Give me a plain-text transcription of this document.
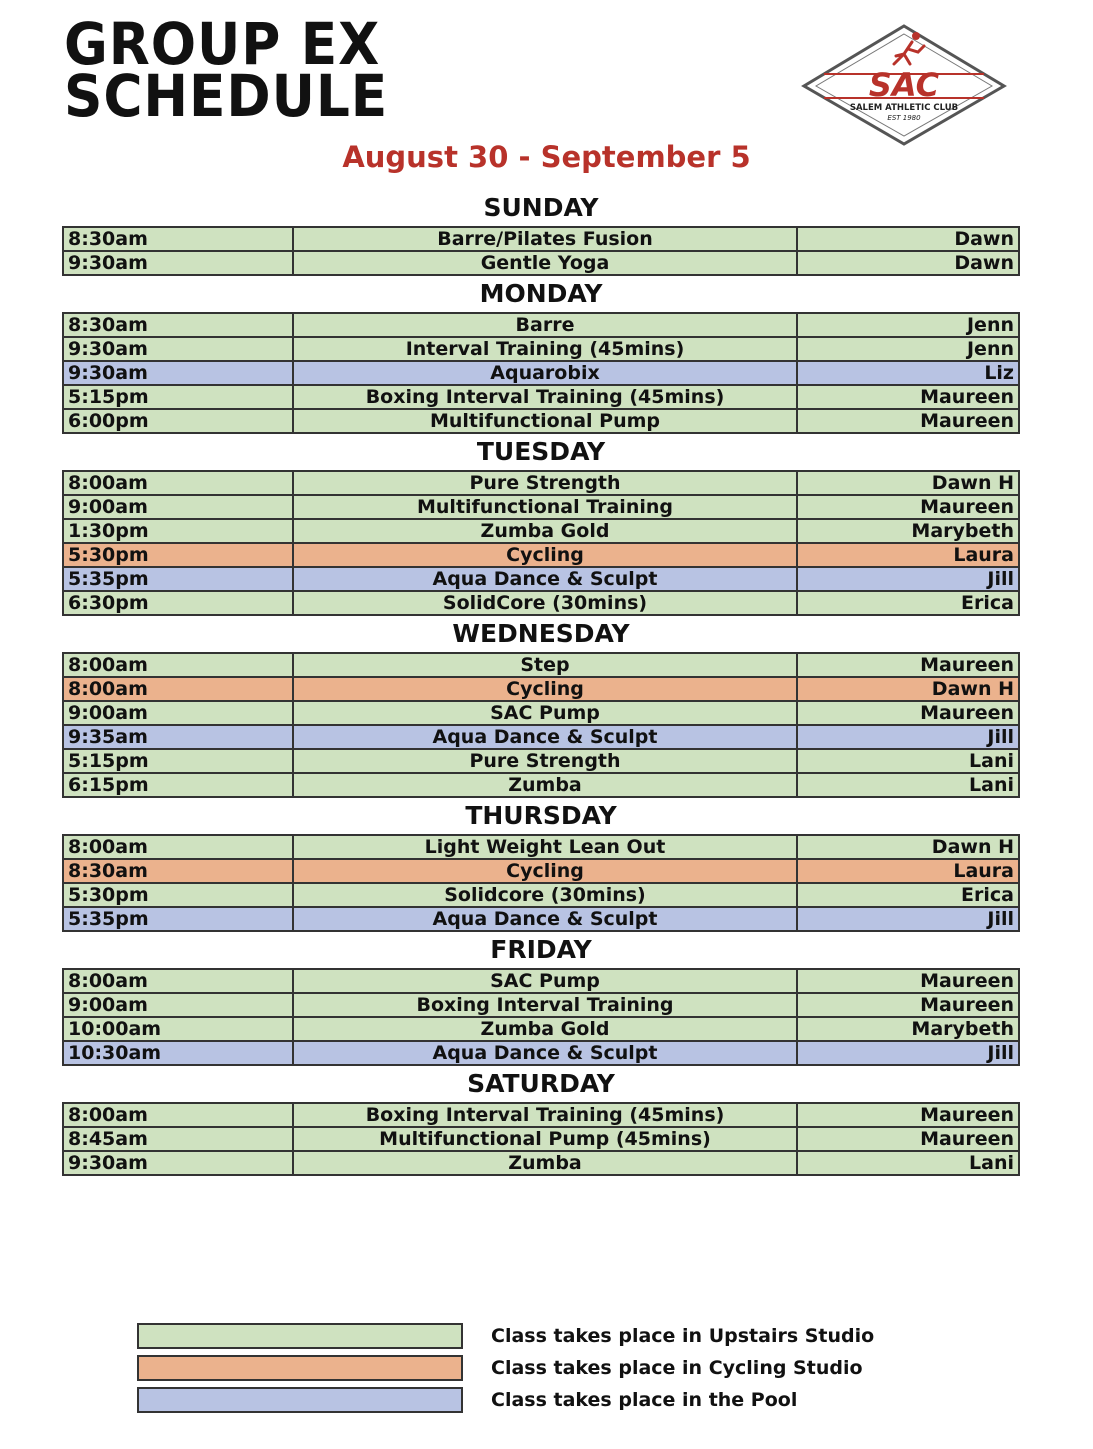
GROUP EX
SCHEDULE	SAC
SALEM ATHLETIC CLUB
EST 1980
August 30 - September 5
SUNDAY
8:30am	Barre/Pilates Fusion	Dawn
9:30am	Gentle Yoga	Dawn
MONDAY
8:30am	Barre	Jenn
9:30am	Interval Training (45mins)	Jenn
9:30am	Aquarobix	Liz
5:15pm	Boxing Interval Training (45mins)	Maureen
6:00pm	Multifunctional Pump	Maureen
TUESDAY
8:00am	Pure Strength	Dawn H
9:00am	Multifunctional Training	Maureen
1:30pm	Zumba Gold	Marybeth
5:30pm	Cycling	Laura
5:35pm	Aqua Dance & Sculpt	Jill
6:30pm	SolidCore (30mins)	Erica
WEDNESDAY
8:00am	Step	Maureen
8:00am	Cycling	Dawn H
9:00am	SAC Pump	Maureen
9:35am	Aqua Dance & Sculpt	Jill
5:15pm	Pure Strength	Lani
6:15pm	Zumba	Lani
THURSDAY
8:00am	Light Weight Lean Out	Dawn H
8:30am	Cycling	Laura
5:30pm	Solidcore (30mins)	Erica
5:35pm	Aqua Dance & Sculpt	Jill
FRIDAY
8:00am	SAC Pump	Maureen
9:00am	Boxing Interval Training	Maureen
10:00am	Zumba Gold	Marybeth
10:30am	Aqua Dance & Sculpt	Jill
SATURDAY
8:00am	Boxing Interval Training (45mins)	Maureen
8:45am	Multifunctional Pump (45mins)	Maureen
9:30am	Zumba	Lani
Class takes place in Upstairs Studio
Class takes place in Cycling Studio
Class takes place in the Pool
